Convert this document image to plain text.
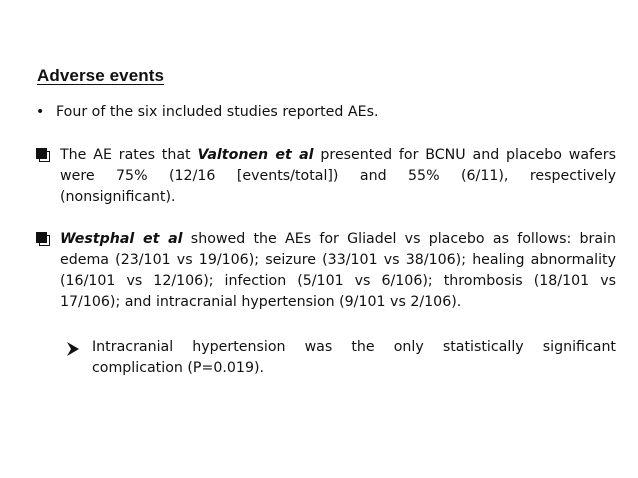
Adverse events
• Four of the six included studies reported AEs.
The AE rates that Valtonen et al presented for BCNU and placebo wafers
were 75% (12/16 [events/total]) and 55% (6/11), respectively
(nonsignificant).
Westphal et al showed the AEs for Gliadel vs placebo as follows: brain
edema (23/101 vs 19/106); seizure (33/101 vs 38/106); healing abnormality
(16/101 vs 12/106); infection (5/101 vs 6/106); thrombosis (18/101 vs
17/106); and intracranial hypertension (9/101 vs 2/106).
Intracranial hypertension was the only statistically significant
complication (P=0.019).
